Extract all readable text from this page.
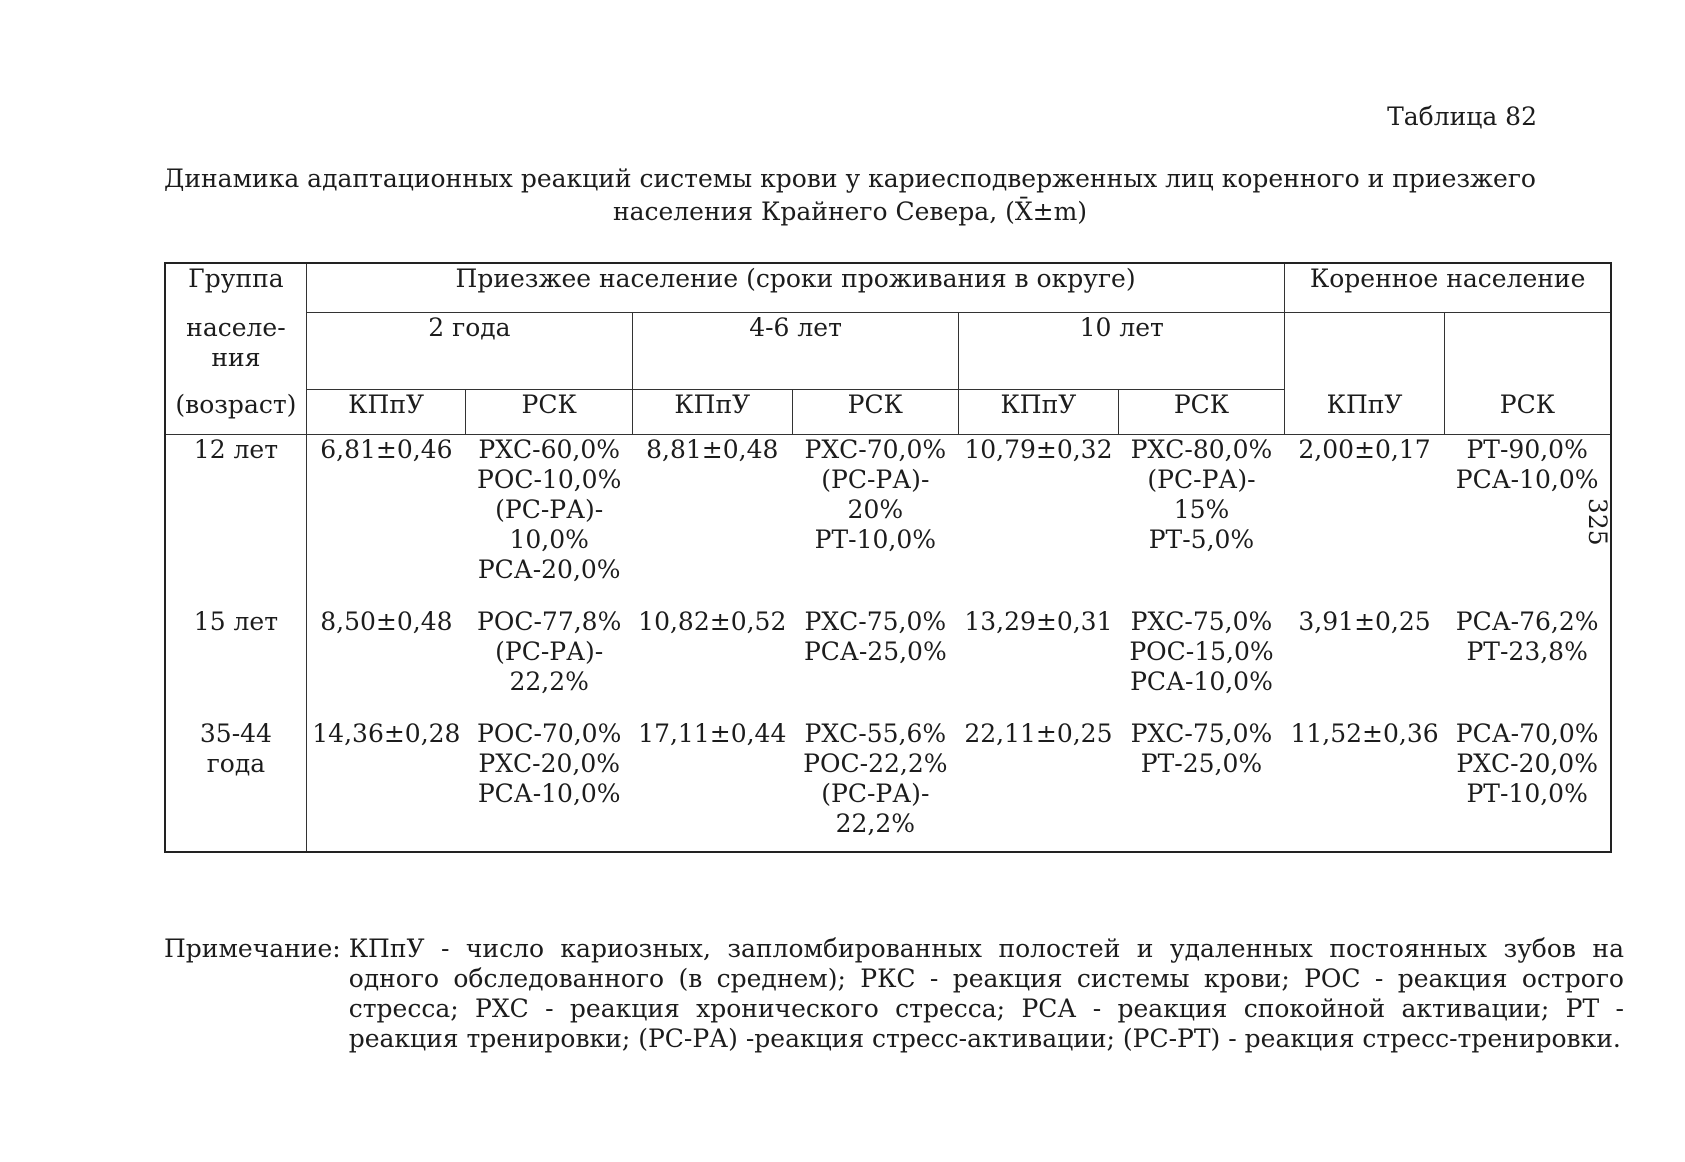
Таблица 82
Динамика адаптационных реакций системы крови у кариесподверженных лиц коренного и приезжего
населения Крайнего Севера, (X̄±m)
325
Группа	Приезжее население (сроки проживания в округе)						Коренное население	

населе-
ния	2 года		4-6 лет		10 лет			
(возраст)	КПпУ	РСК	КПпУ	РСК	КПпУ	РСК	КПпУ	РСК
12 лет	6,81±0,46	РХС-60,0%
РОС-10,0%
(РС-РА)-
10,0%
РСА-20,0%	8,81±0,48	РХС-70,0%
(РС-РА)-
20%
РТ-10,0%	10,79±0,32	РХС-80,0%
(РС-РА)-
15%
РТ-5,0%	2,00±0,17	РТ-90,0%
РСА-10,0%

15 лет	8,50±0,48	РОС-77,8%
(РС-РА)-
22,2%	10,82±0,52	РХС-75,0%
РСА-25,0%	13,29±0,31	РХС-75,0%
РОС-15,0%
РСА-10,0%	3,91±0,25	РСА-76,2%
РТ-23,8%

35-44
года	14,36±0,28	РОС-70,0%
РХС-20,0%
РСА-10,0%	17,11±0,44	РХС-55,6%
РОС-22,2%
(РС-РА)-
22,2%	22,11±0,25	РХС-75,0%
РТ-25,0%	11,52±0,36	РСА-70,0%
РХС-20,0%
РТ-10,0%
Примечание: КПпУ - число кариозных, запломбированных полостей и удаленных постоянных зубов на одного обследованного (в среднем); РКС - реакция системы крови; РОС - реакция острого стресса; РХС - реакция хронического стресса; РСА - реакция спокойной активации; РТ - реакция тренировки; (РС-РА) -реакция стресс-активации; (РС-РТ) - реакция стресс-тренировки.
